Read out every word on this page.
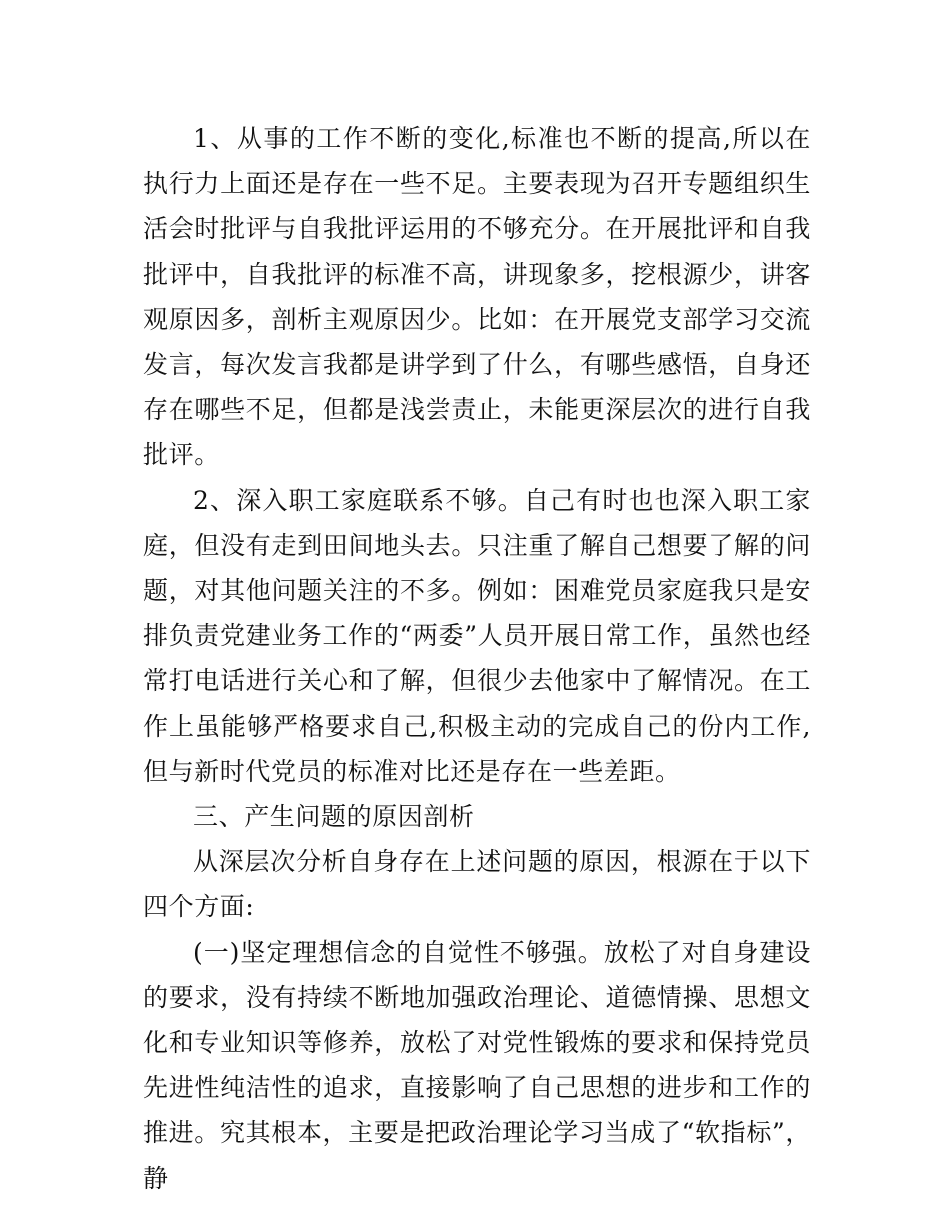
1、从事的工作不断的变化,标准也不断的提高,所以在执行力上面还是存在一些不足。主要表现为召开专题组织生活会时批评与自我批评运用的不够充分。在开展批评和自我批评中，自我批评的标准不高，讲现象多，挖根源少，讲客观原因多，剖析主观原因少。比如：在开展党支部学习交流发言，每次发言我都是讲学到了什么，有哪些感悟，自身还存在哪些不足，但都是浅尝责止，未能更深层次的进行自我批评。

2、深入职工家庭联系不够。自己有时也也深入职工家庭，但没有走到田间地头去。只注重了解自己想要了解的问题，对其他问题关注的不多。例如：困难党员家庭我只是安排负责党建业务工作的“两委”人员开展日常工作，虽然也经常打电话进行关心和了解，但很少去他家中了解情况。在工作上虽能够严格要求自己,积极主动的完成自己的份内工作,但与新时代党员的标准对比还是存在一些差距。

三、产生问题的原因剖析

从深层次分析自身存在上述问题的原因，根源在于以下四个方面:

(一)坚定理想信念的自觉性不够强。放松了对自身建设的要求，没有持续不断地加强政治理论、道德情操、思想文化和专业知识等修养，放松了对党性锻炼的要求和保持党员先进性纯洁性的追求，直接影响了自己思想的进步和工作的推进。究其根本，主要是把政治理论学习当成了“软指标”，静
